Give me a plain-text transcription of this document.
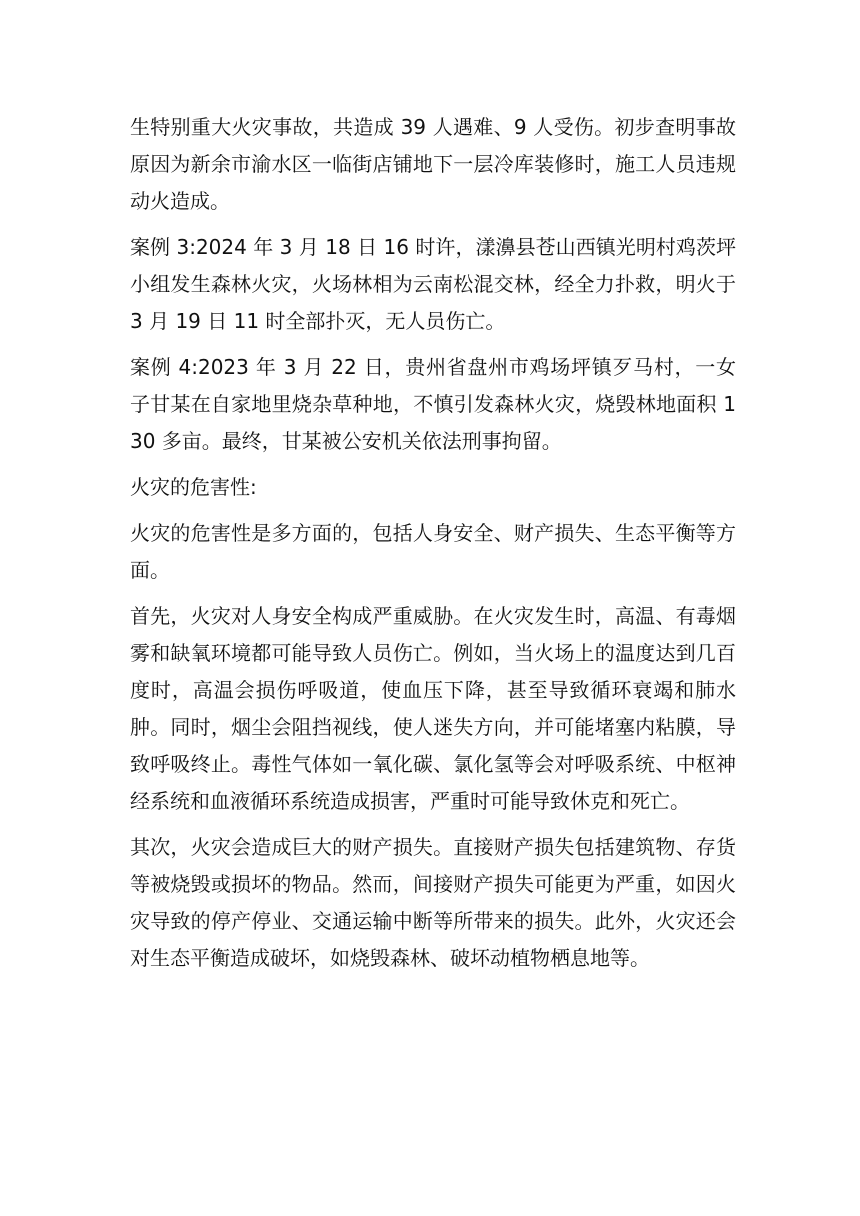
生特别重大火灾事故，共造成 39 人遇难、9 人受伤。初步查明事故原因为新余市渝水区一临街店铺地下一层冷库装修时，施工人员违规动火造成。

案例 3:2024 年 3 月 18 日 16 时许，漾濞县苍山西镇光明村鸡茨坪小组发生森林火灾，火场林相为云南松混交林，经全力扑救，明火于 3 月 19 日 11 时全部扑灭，无人员伤亡。

案例 4:2023 年 3 月 22 日，贵州省盘州市鸡场坪镇歹马村，一女子甘某在自家地里烧杂草种地，不慎引发森林火灾，烧毁林地面积 130 多亩。最终，甘某被公安机关依法刑事拘留。

火灾的危害性:

火灾的危害性是多方面的，包括人身安全、财产损失、生态平衡等方面。

首先，火灾对人身安全构成严重威胁。在火灾发生时，高温、有毒烟雾和缺氧环境都可能导致人员伤亡。例如，当火场上的温度达到几百度时，高温会损伤呼吸道，使血压下降，甚至导致循环衰竭和肺水肿。同时，烟尘会阻挡视线，使人迷失方向，并可能堵塞内粘膜，导致呼吸终止。毒性气体如一氧化碳、氯化氢等会对呼吸系统、中枢神经系统和血液循环系统造成损害，严重时可能导致休克和死亡。

其次，火灾会造成巨大的财产损失。直接财产损失包括建筑物、存货等被烧毁或损坏的物品。然而，间接财产损失可能更为严重，如因火灾导致的停产停业、交通运输中断等所带来的损失。此外，火灾还会对生态平衡造成破坏，如烧毁森林、破坏动植物栖息地等。
